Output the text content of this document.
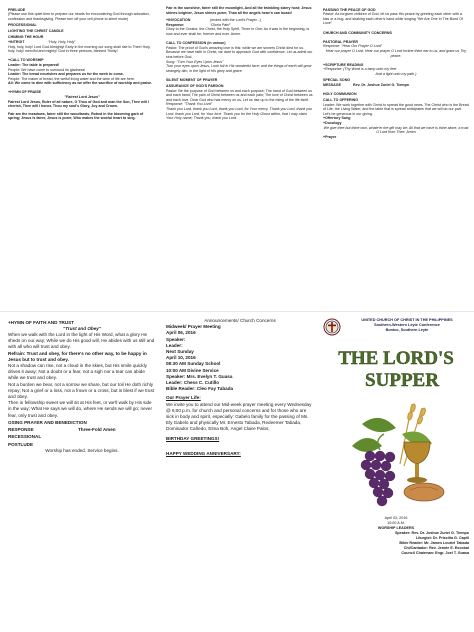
PRELUDE
(Please use this quiet time to prepare our hearts for encountering God through adoration, confession and thanksgiving. Please turn off your cell phone to silent mode)
PROCESSIONAL
LIGHTING THE CHRIST CANDLE
CHIMING THE HOUR
+INTROIT	"Holy, Holy, Holy"
Holy, holy, holy! Lord God Almighty! Early in the morning our song shall rise to Thee! Holy, holy, holy! merciful and mighty! God in three persons, blessed Trinity!
+CALL TO WORSHIP
Leader: The table is prepared!
People: We have come to surround its gladness!
Leader: The bread nourishes and prepares us for the week to come.
People: The maker of bread, the wellof living water and the wine of life are here.
All: We come to dine with sufficiency as we offer the sacrifice of worship and praise.
+HYMN OF PRAISE
"Fairest Lord Jesus"
Fairest Lord Jesus, Ruler of all nature, O Thou of God and man the Son, Thee will I cherish, Thee will I honor, Thou my soul's Glory, Joy and Crown.
Fair are the meadows, fairer still the woodlands, Robed in the blooming garb of spring; Jesus is fairer, Jesus is purer, Who makes the woeful heart to sing.
Fair is the sunshine, fairer still the moonlight, And all the twinkling starry host; Jesus shines brighter, Jesus shines purer, Than all the angels heav'n can boast!
+INVOCATION	(ended with the Lord's Prayer...)
Response:	"Gloria Patri"
Glory to the Creator, the Christ, the Holy Spirit, Three in One; As it was in the beginning, is now and ever shall be; forever and ever. Amen.
CALL TO CONFESSION (in unison)
Pastor: The proof of God's amazing love is this: while we are sinners Christ died for us. Because we have faith in Christ, we dare to approach God with confidence. Let us admit our sins before God.
Song: "Turn Your Eyes Upon Jesus"
Turn your eyes upon Jesus, Look full in His wonderful face; and the things of earth will grow strangely dim, in the light of His glory and grace.
SILENT MOMENT OF PRAYER
ASSURANCE OF GOD'S PARDON
Pastor: Be the purpose of God between us and each purpose; The hand of God between us and each hand; The pain of Christ between us and each pain; The love of Christ between us and each love. Dear God who has mercy on us, Let us rise up to the rising of the life itself.
Response: "Thank You Lord"
Thank you Lord, thank you Lord, thank you Lord, for Your mercy. Thank you Lord, thank you Lord, thank you Lord, for Your love. Thank you for the Holy Ghost within, that I may claim Your Holy name; Thank you, thank you Lord.
PASSING THE PEACE OF GOD
Pastor: As forgiven children of God, let us pass His peace by greeting each other with a kiss or a hug, and shaking each other's hand while singing "We Are One In The Bond Of Love"
CHURCH AND COMMUNITY CONCERNS
PASTORAL PRAYER
Response: "Hear Our Prayer O Lord"
Hear our prayer O Lord, Hear our prayer O Lord Incline thine ear to us, and grant us Thy peace.
+SCRIPTURE READING
+Response: (Thy Word is a lamp unto my feet
And a light unto my path.)
SPECIAL SONG
MESSAGE	Rev. Dr. Joshue Zuriel G. Tiempo
HOLY COMMUNION
CALL TO OFFERING
Leader: We work together with Christ to spread the good news. The Christ who is the Bread of Life, the Living Water, and the table that is spread anticipates that we will do our part. Let's be generous in our giving.
+Offertory Song
+Doxology
We give thee but thine own, whate'er the gift may be; All that we have is thine alone, a trust O Lord from Thee. Amen
+Prayer
+HYMN OF FAITH AND TRUST
"Trust and Obey"
When we walk with the Lord in the light of His Word, what a glory He sheds on our way; While we do His good will, He abides with us still and with all who will trust and obey.
Refrain: Trust and obey, for there's no other way, to be happy in Jesus but to trust and obey.
Not a shadow can rise, not a cloud in the skies, but His smile quickly drives it away; Not a doubt or a fear, not a sigh nor a tear can abide while we trust and obey.
Not a burden we bear, not a sorrow we share, but our toil He doth richly repay; Not a grief or a loss, not a frown or a cross, but is blest if we trust and obey.
Then in fellowship sweet we will sit at His feet, or we'll walk by His side in the way; What He says we will do, where He sends we will go; never fear, only trust and obey.
OSING PRAYER AND BENEDICTION
RESPONSE	Three-Fold Amen
RECESSIONAL
POSTLUDE
Worship has ended. Service begins.
Announcements/ Church Concerns
Midweek/ Prayer Meeting
April 06, 2016
Speaker:
Leader:
Next Sunday
April 10, 2016
08:30 AM Sunday School
10:00 AM Divine Service
Speaker: Mrs. Evelyn T. Guasa
Leader: Chess C. Cutillo
Bible Reader: Cleo Fay Tabada
Our Prayer Life:
We invite you to attend our Mid-week prayer meeting every Wednesday @ 6:00 p.m. for church and personal concerns and for those who are sick in body and spirit, especially: Gabelo family for the passing of Ms. Ely Gabelo and physically Mr. Ernesto Tabada, Redeemer Tabada, Dominador Cañedo, Elma Boh, Angel Claire Palos.
BIRTHDAY GREETINGS!
HAPPY WEDDING ANNIVERSARY:
UNITED CHURCH OF CHRIST IN THE PHILIPPINES
Southern-Western Leyte Conference
Bontoc, Southern Leyte
THE LORD'S
SUPPER
April 03, 2016
10:00 A.M.
WORSHIP LEADERS
Speaker: Rev. Dr. Joshue Zuriel G. Tiempo
Liturgist: Dr. Priscilla G. Capili
Bible Reader: Mr. James Louriel Tabada
Chi/Cantador: Rev. Jennie E. Escobal
Council Chairman: Engr. Joel T. Guasa
